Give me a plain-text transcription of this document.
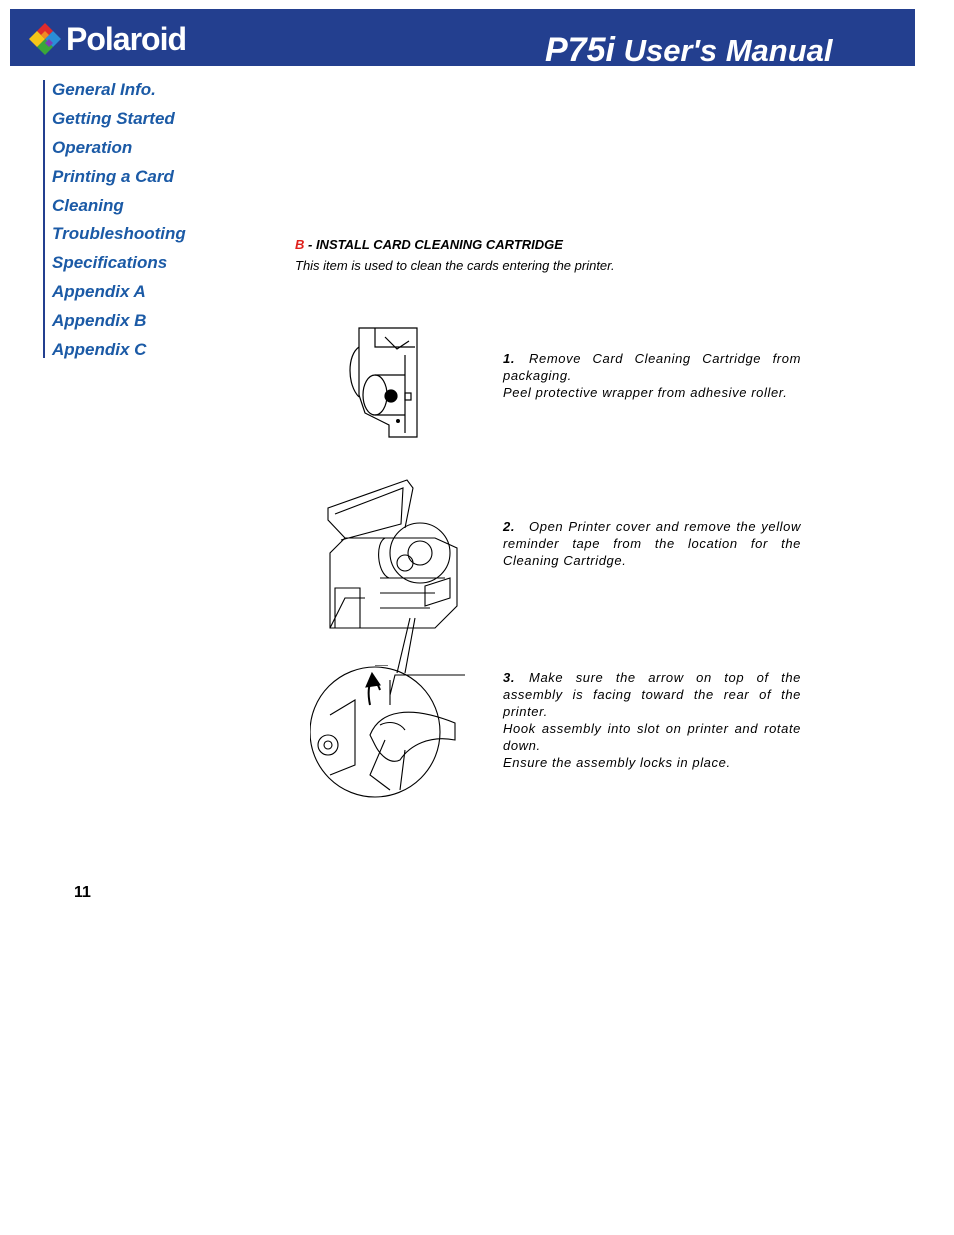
Polaroid	P75i User's Manual
General Info.
Getting Started
Operation
Printing a Card
Cleaning
Troubleshooting
Specifications
Appendix A
Appendix B
Appendix C
B - INSTALL CARD CLEANING CARTRIDGE
This item is used to clean the cards entering the printer.

1. Remove Card Cleaning Cartridge from packaging.

Peel protective wrapper from adhesive roller.

2. Open Printer cover and remove the yellow reminder tape from the location for the Cleaning Cartridge.

3. Make sure the arrow on top of the assembly is facing toward the rear of the printer.

Hook assembly into slot on printer and rotate down.

Ensure the assembly locks in place.

11
